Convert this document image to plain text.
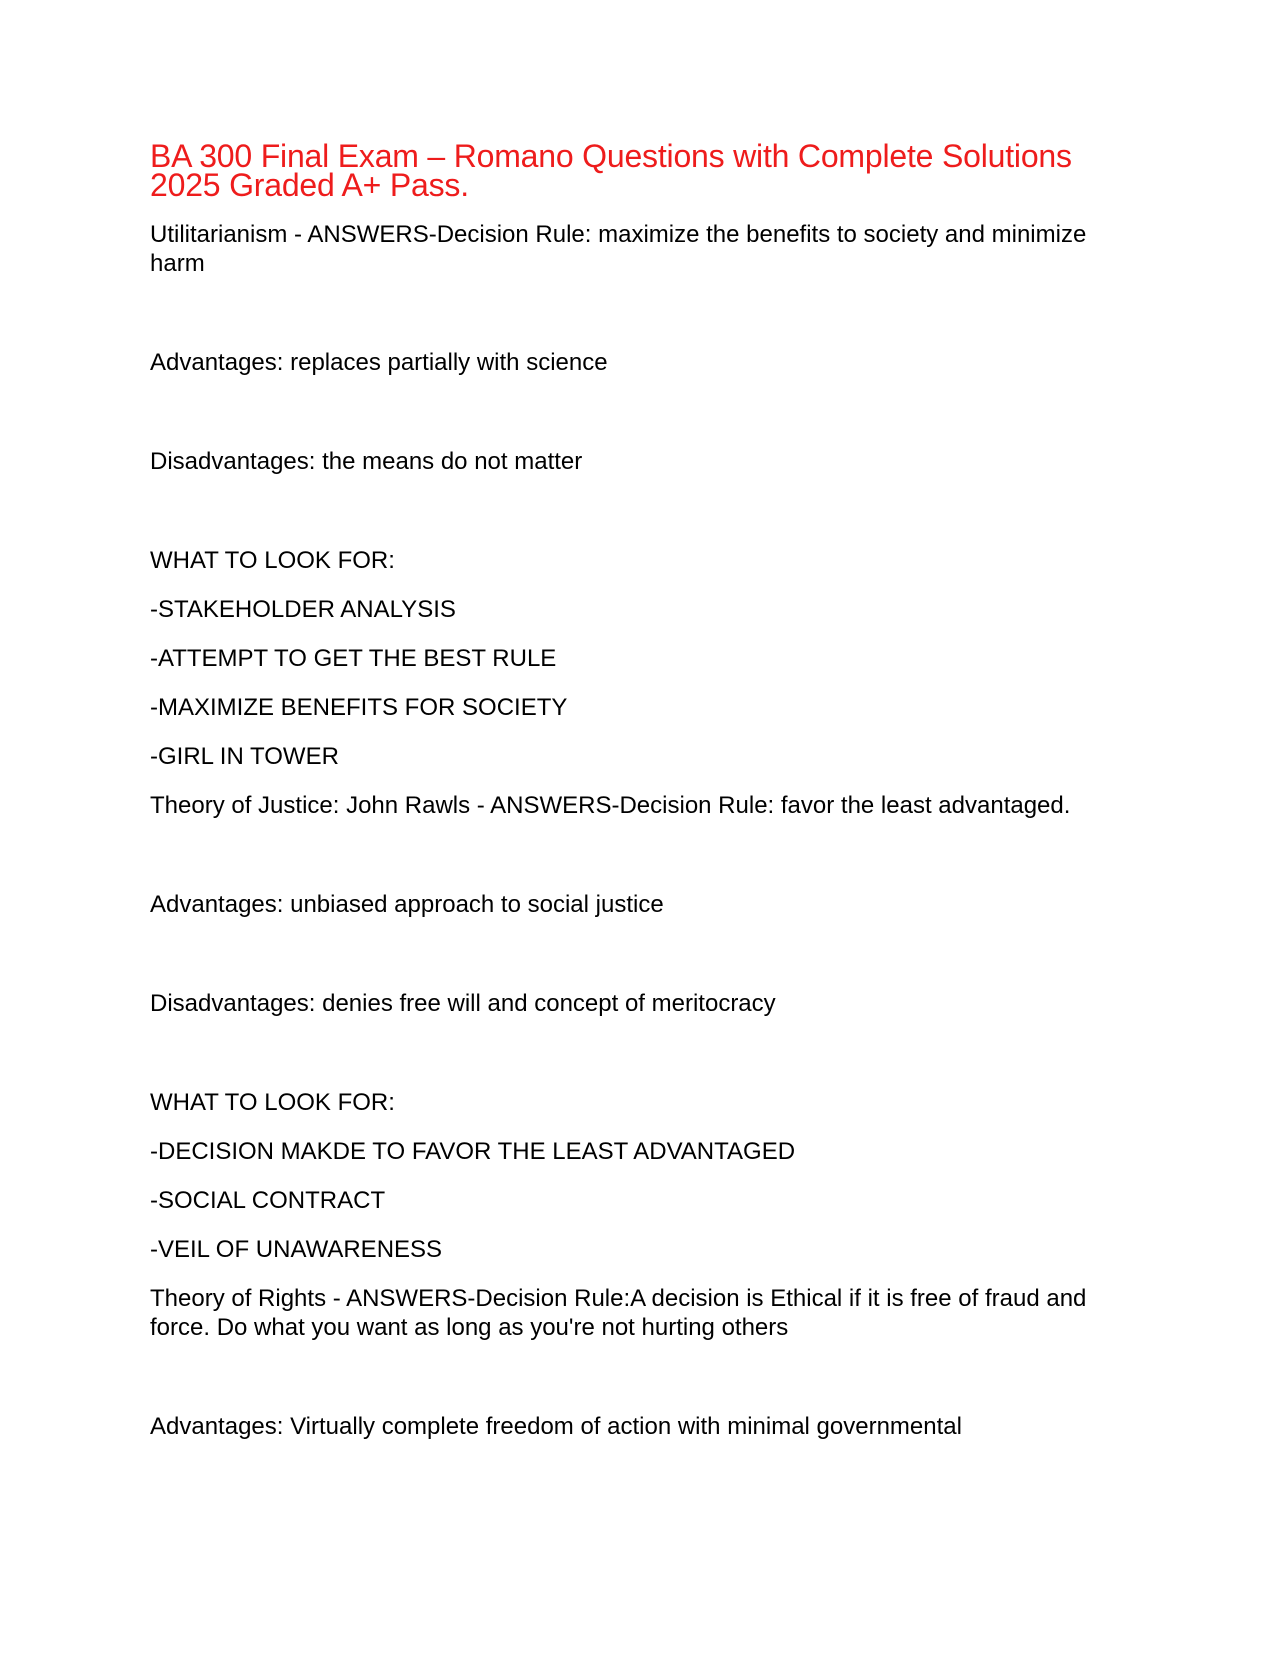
BA 300 Final Exam – Romano Questions with Complete Solutions 2025 Graded A+ Pass.

Utilitarianism - ANSWERS-Decision Rule: maximize the benefits to society and minimize harm

Advantages: replaces partially with science

Disadvantages: the means do not matter

WHAT TO LOOK FOR:

-STAKEHOLDER ANALYSIS

-ATTEMPT TO GET THE BEST RULE

-MAXIMIZE BENEFITS FOR SOCIETY

-GIRL IN TOWER

Theory of Justice: John Rawls - ANSWERS-Decision Rule: favor the least advantaged.

Advantages: unbiased approach to social justice

Disadvantages: denies free will and concept of meritocracy

WHAT TO LOOK FOR:

-DECISION MAKDE TO FAVOR THE LEAST ADVANTAGED

-SOCIAL CONTRACT

-VEIL OF UNAWARENESS

Theory of Rights - ANSWERS-Decision Rule:A decision is Ethical if it is free of fraud and force. Do what you want as long as you're not hurting others

Advantages: Virtually complete freedom of action with minimal governmental
